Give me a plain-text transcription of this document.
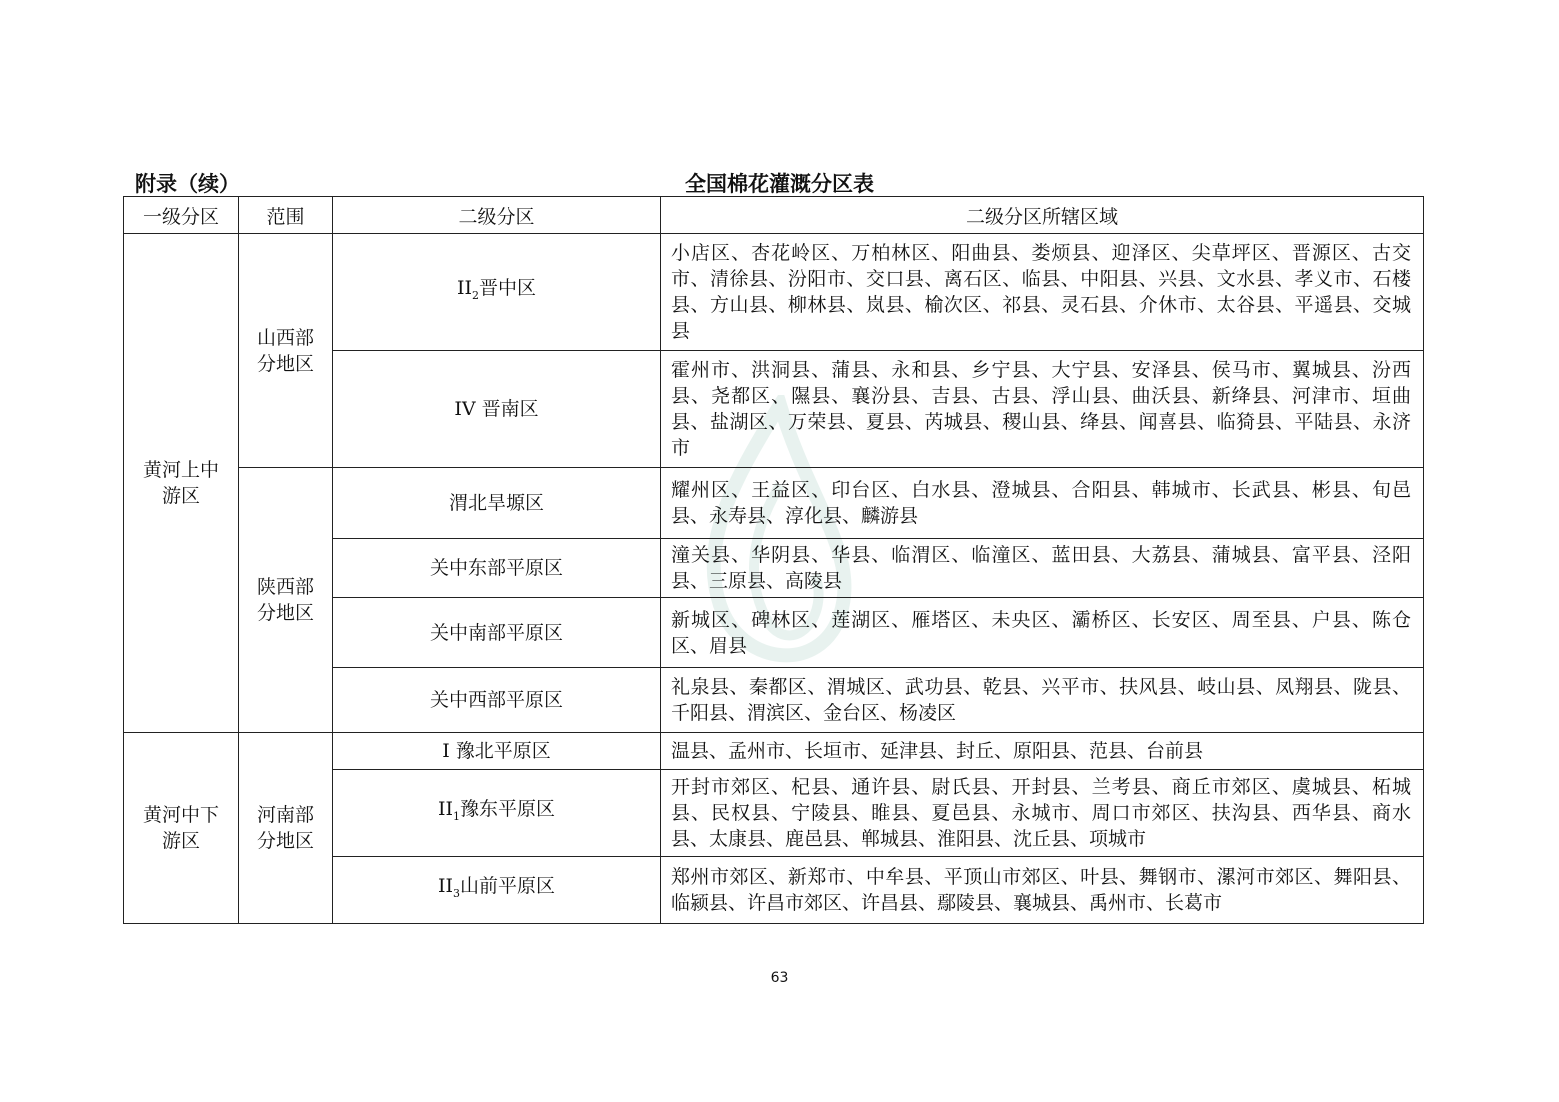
附录（续）	全国棉花灌溉分区表
一级分区	范围	二级分区	二级分区所辖区域
黄河上中游区	山西部分地区	$II_2$晋中区	小店区、杏花岭区、万柏林区、阳曲县、娄烦县、迎泽区、尖草坪区、晋源区、古交市、清徐县、汾阳市、交口县、离石区、临县、中阳县、兴县、文水县、孝义市、石楼县、方山县、柳林县、岚县、榆次区、祁县、灵石县、介休市、太谷县、平遥县、交城县
		IV 晋南区	霍州市、洪洞县、蒲县、永和县、乡宁县、大宁县、安泽县、侯马市、翼城县、汾西县、尧都区、隰县、襄汾县、吉县、古县、浮山县、曲沃县、新绛县、河津市、垣曲县、盐湖区、万荣县、夏县、芮城县、稷山县、绛县、闻喜县、临猗县、平陆县、永济市
	陕西部分地区	渭北旱塬区	耀州区、王益区、印台区、白水县、澄城县、合阳县、韩城市、长武县、彬县、旬邑县、永寿县、淳化县、麟游县
		关中东部平原区	潼关县、华阴县、华县、临渭区、临潼区、蓝田县、大荔县、蒲城县、富平县、泾阳县、三原县、高陵县
		关中南部平原区	新城区、碑林区、莲湖区、雁塔区、未央区、灞桥区、长安区、周至县、户县、陈仓区、眉县
		关中西部平原区	礼泉县、秦都区、渭城区、武功县、乾县、兴平市、扶风县、岐山县、凤翔县、陇县、千阳县、渭滨区、金台区、杨凌区
黄河中下游区	河南部分地区	I 豫北平原区	温县、孟州市、长垣市、延津县、封丘、原阳县、范县、台前县
		$II_1$豫东平原区	开封市郊区、杞县、通许县、尉氏县、开封县、兰考县、商丘市郊区、虞城县、柘城县、民权县、宁陵县、睢县、夏邑县、永城市、周口市郊区、扶沟县、西华县、商水县、太康县、鹿邑县、郸城县、淮阳县、沈丘县、项城市
		$II_3$山前平原区	郑州市郊区、新郑市、中牟县、平顶山市郊区、叶县、舞钢市、漯河市郊区、舞阳县、临颍县、许昌市郊区、许昌县、鄢陵县、襄城县、禹州市、长葛市
63
